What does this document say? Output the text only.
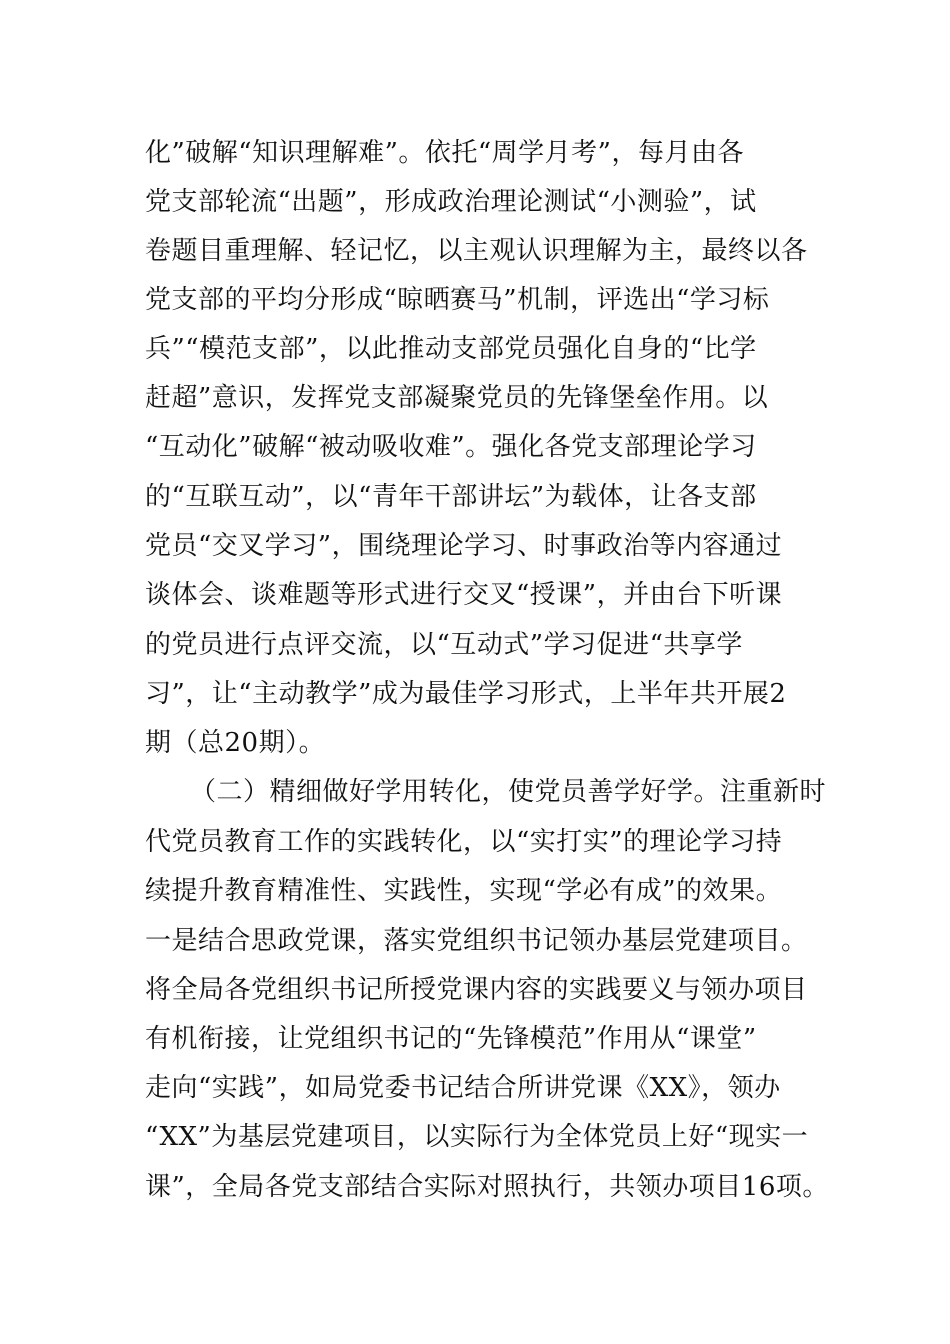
化”破解“知识理解难”。依托“周学月考”，每月由各
党支部轮流“出题”，形成政治理论测试“小测验”，试
卷题目重理解、轻记忆，以主观认识理解为主，最终以各
党支部的平均分形成“晾晒赛马”机制，评选出“学习标
兵”“模范支部”，以此推动支部党员强化自身的“比学
赶超”意识，发挥党支部凝聚党员的先锋堡垒作用。以
“互动化”破解“被动吸收难”。强化各党支部理论学习
的“互联互动”，以“青年干部讲坛”为载体，让各支部
党员“交叉学习”，围绕理论学习、时事政治等内容通过
谈体会、谈难题等形式进行交叉“授课”，并由台下听课
的党员进行点评交流，以“互动式”学习促进“共享学
习”，让“主动教学”成为最佳学习形式，上半年共开展2
期（总20期）。
（二）精细做好学用转化，使党员善学好学。注重新时
代党员教育工作的实践转化，以“实打实”的理论学习持
续提升教育精准性、实践性，实现“学必有成”的效果。
一是结合思政党课，落实党组织书记领办基层党建项目。
将全局各党组织书记所授党课内容的实践要义与领办项目
有机衔接，让党组织书记的“先锋模范”作用从“课堂”
走向“实践”，如局党委书记结合所讲党课《XX》，领办
“XX”为基层党建项目，以实际行为全体党员上好“现实一
课”，全局各党支部结合实际对照执行，共领办项目16项。
